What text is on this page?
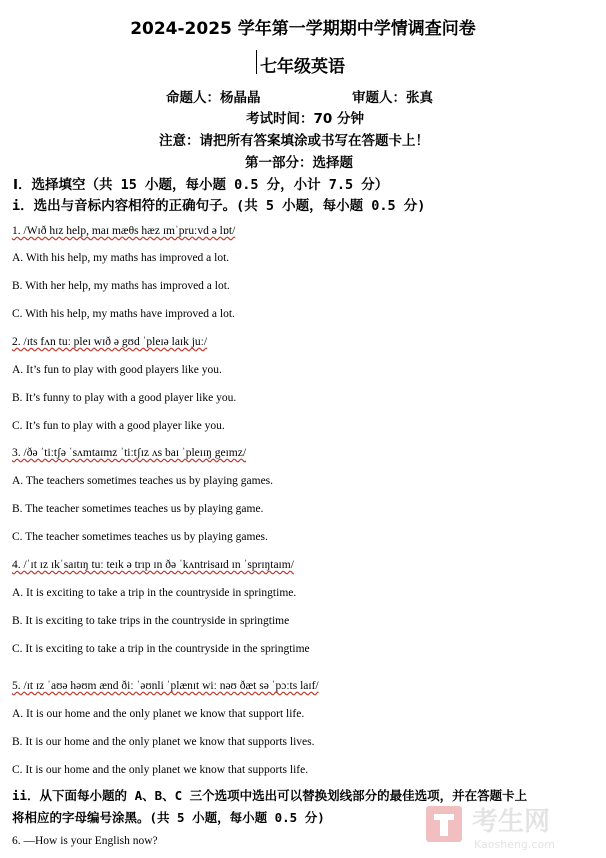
2024-2025 学年第一学期期中学情调查问卷
七年级英语
命题人：杨晶晶	审题人：张真
考试时间：70 分钟
注意：请把所有答案填涂或书写在答题卡上！
第一部分：选择题
Ⅰ．选择填空（共 15 小题，每小题 0.5 分，小计 7.5 分）
i．选出与音标内容相符的正确句子。(共 5 小题，每小题 0.5 分)
1. /Wɪð hɪz help, maɪ mæθs hæz ɪmˈpruːvd ə lɒt/
A. With his help, my maths has improved a lot.
B. With her help, my maths has improved a lot.
C. With his help, my maths have improved a lot.
2. /ɪts fʌn tuː pleɪ wɪð ə gʊd ˈpleɪə laɪk juː/
A. It’s fun to play with good players like you.
B. It’s funny to play with a good player like you.
C. It’s fun to play with a good player like you.
3. /ðə ˈtiːtʃə ˈsʌmtaɪmz ˈtiːtʃɪz ʌs baɪ ˈpleɪɪŋ geɪmz/
A. The teachers sometimes teaches us by playing games.
B. The teacher sometimes teaches us by playing game.
C. The teacher sometimes teaches us by playing games.
4. /ˈɪt ɪz ɪkˈsaɪtɪŋ tuː teɪk ə trɪp ɪn ðə ˈkʌntrisaɪd ɪn ˈsprɪŋtaɪm/
A. It is exciting to take a trip in the countryside in springtime.
B. It is exciting to take trips in the countryside in springtime
C. It is exciting to take a trip in the countryside in the springtime
5. /ɪt ɪz ˈaʊə həʊm ænd ðiː ˈəʊnli ˈplænɪt wiː nəʊ ðæt sə ˈpɔːts laɪf/
A. It is our home and the only planet we know that support life.
B. It is our home and the only planet we know that supports lives.
C. It is our home and the only planet we know that supports life.
ii．从下面每小题的 A、B、C 三个选项中选出可以替换划线部分的最佳选项，并在答题卡上
将相应的字母编号涂黑。(共 5 小题，每小题 0.5 分)
6. —How is your English now?
考生网
Kaosheng.com
